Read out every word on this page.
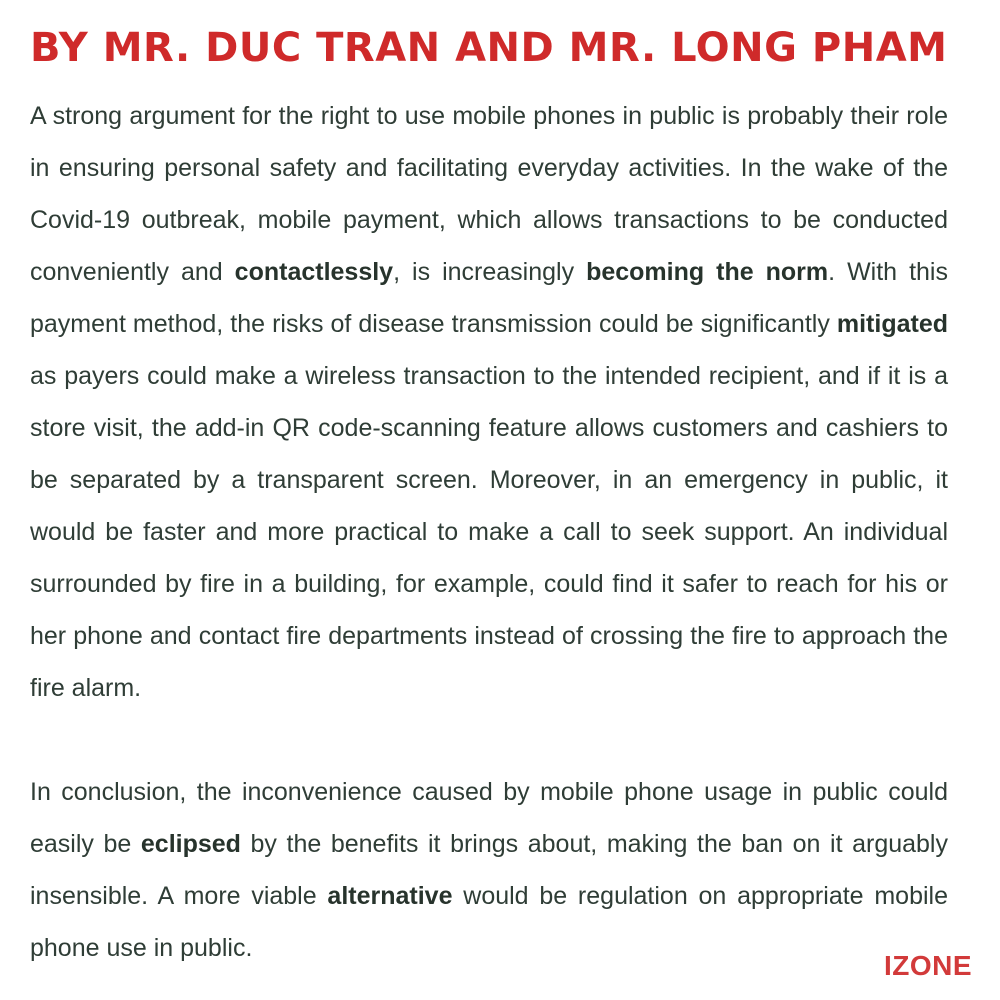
BY MR. DUC TRAN AND MR. LONG PHAM

A strong argument for the right to use mobile phones in public is probably their role in ensuring personal safety and facilitating everyday activities. In the wake of the Covid-19 outbreak, mobile payment, which allows transactions to be conducted conveniently and contactlessly, is increasingly becoming the norm. With this payment method, the risks of disease transmission could be significantly mitigated as payers could make a wireless transaction to the intended recipient, and if it is a store visit, the add-in QR code-scanning feature allows customers and cashiers to be separated by a transparent screen. Moreover, in an emergency in public, it would be faster and more practical to make a call to seek support. An individual surrounded by fire in a building, for example, could find it safer to reach for his or her phone and contact fire departments instead of crossing the fire to approach the fire alarm.

In conclusion, the inconvenience caused by mobile phone usage in public could easily be eclipsed by the benefits it brings about, making the ban on it arguably insensible. A more viable alternative would be regulation on appropriate mobile phone use in public.

IZONE
